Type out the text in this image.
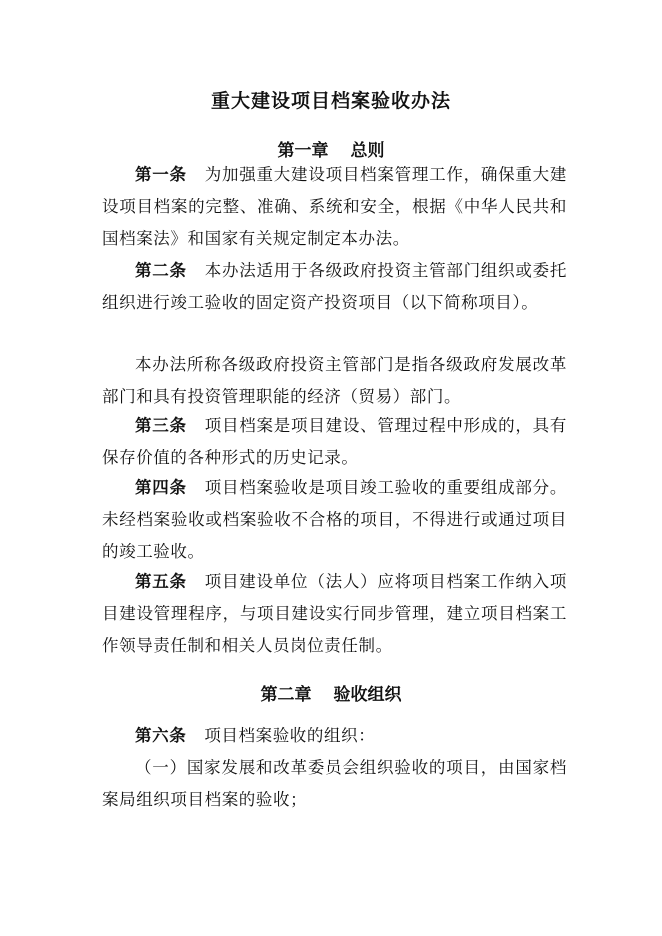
重大建设项目档案验收办法
第一章 总则
第一条 为加强重大建设项目档案管理工作，确保重大建设项目档案的完整、准确、系统和安全，根据《中华人民共和国档案法》和国家有关规定制定本办法。
第二条 本办法适用于各级政府投资主管部门组织或委托组织进行竣工验收的固定资产投资项目（以下简称项目）。
本办法所称各级政府投资主管部门是指各级政府发展改革部门和具有投资管理职能的经济（贸易）部门。
第三条 项目档案是项目建设、管理过程中形成的，具有保存价值的各种形式的历史记录。
第四条 项目档案验收是项目竣工验收的重要组成部分。未经档案验收或档案验收不合格的项目，不得进行或通过项目的竣工验收。
第五条 项目建设单位（法人）应将项目档案工作纳入项目建设管理程序，与项目建设实行同步管理，建立项目档案工作领导责任制和相关人员岗位责任制。
第二章 验收组织
第六条 项目档案验收的组织：
（一）国家发展和改革委员会组织验收的项目，由国家档案局组织项目档案的验收；
